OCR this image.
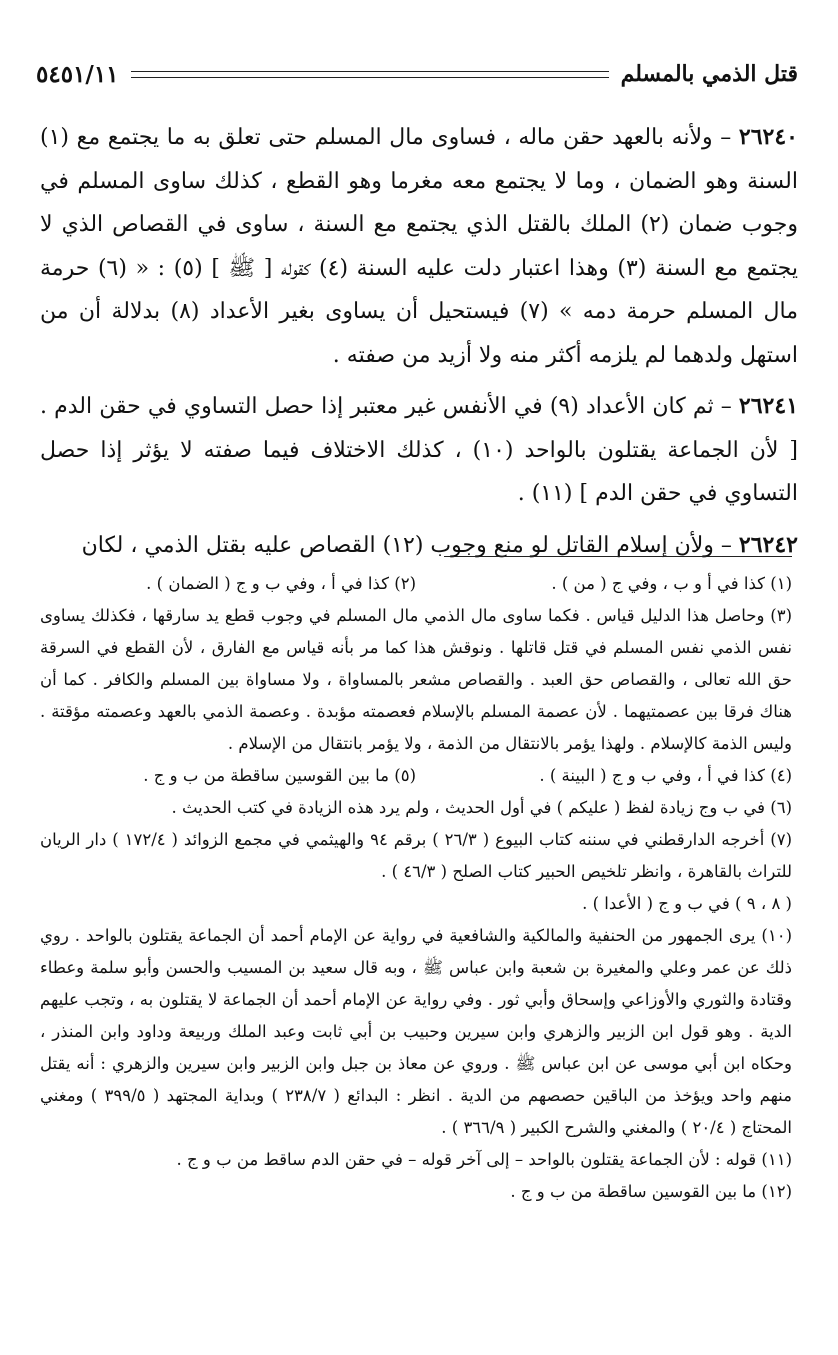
قتل الذمي بالمسلم
٥٤٥١/١١

٢٦٢٤٠ – ولأنه بالعهد حقن ماله ، فساوى مال المسلم حتى تعلق به ما يجتمع مع (١) السنة وهو الضمان ، وما لا يجتمع معه مغرما وهو القطع ، كذلك ساوى المسلم في وجوب ضمان (٢) الملك بالقتل الذي يجتمع مع السنة ، ساوى في القصاص الذي لا يجتمع مع السنة (٣) وهذا اعتبار دلت عليه السنة (٤) كقوله [ ﷺ ] (٥) : « (٦) حرمة مال المسلم حرمة دمه » (٧) فيستحيل أن يساوى بغير الأعداد (٨) بدلالة أن من استهل ولدهما لم يلزمه أكثر منه ولا أزيد من صفته .

٢٦٢٤١ – ثم كان الأعداد (٩) في الأنفس غير معتبر إذا حصل التساوي في حقن الدم . [ لأن الجماعة يقتلون بالواحد (١٠) ، كذلك الاختلاف فيما صفته لا يؤثر إذا حصل التساوي في حقن الدم ] (١١) .

٢٦٢٤٢ – ولأن إسلام القاتل لو منع وجوب (١٢) القصاص عليه بقتل الذمي ، لكان

(١) كذا في أ و ب ، وفي ج ( من ) .

(٢) كذا في أ ، وفي ب و ج ( الضمان ) .

(٣) وحاصل هذا الدليل قياس . فكما ساوى مال الذمي مال المسلم في وجوب قطع يد سارقها ، فكذلك يساوى نفس الذمي نفس المسلم في قتل قاتلها . ونوقش هذا كما مر بأنه قياس مع الفارق ، لأن القطع في السرقة حق الله تعالى ، والقصاص حق العبد . والقصاص مشعر بالمساواة ، ولا مساواة بين المسلم والكافر . كما أن هناك فرقا بين عصمتيهما . لأن عصمة المسلم بالإسلام فعصمته مؤبدة . وعصمة الذمي بالعهد وعصمته مؤقتة . وليس الذمة كالإسلام . ولهذا يؤمر بالانتقال من الذمة ، ولا يؤمر بانتقال من الإسلام .

(٤) كذا في أ ، وفي ب و ج ( البينة ) .

(٥) ما بين القوسين ساقطة من ب و ج .

(٦) في ب وج زيادة لفظ ( عليكم ) في أول الحديث ، ولم يرد هذه الزيادة في كتب الحديث .

(٧) أخرجه الدارقطني في سننه كتاب البيوع ( ٢٦/٣ ) برقم ٩٤ والهيثمي في مجمع الزوائد ( ١٧٢/٤ ) دار الريان للتراث بالقاهرة ، وانظر تلخيص الحبير كتاب الصلح ( ٤٦/٣ ) .

( ٨ ، ٩ ) في ب و ج ( الأعدا ) .

(١٠) يرى الجمهور من الحنفية والمالكية والشافعية في رواية عن الإمام أحمد أن الجماعة يقتلون بالواحد . روي ذلك عن عمر وعلي والمغيرة بن شعبة وابن عباس ﷺ ، وبه قال سعيد بن المسيب والحسن وأبو سلمة وعطاء وقتادة والثوري والأوزاعي وإسحاق وأبي ثور . وفي رواية عن الإمام أحمد أن الجماعة لا يقتلون به ، وتجب عليهم الدية . وهو قول ابن الزبير والزهري وابن سيرين وحبيب بن أبي ثابت وعبد الملك وربيعة وداود وابن المنذر ، وحكاه ابن أبي موسى عن ابن عباس ﷺ . وروي عن معاذ بن جبل وابن الزبير وابن سيرين والزهري : أنه يقتل منهم واحد ويؤخذ من الباقين حصصهم من الدية . انظر : البدائع ( ٢٣٨/٧ ) وبداية المجتهد ( ٣٩٩/٥ ) ومغني المحتاج ( ٢٠/٤ ) والمغني والشرح الكبير ( ٣٦٦/٩ ) .

(١١) قوله : لأن الجماعة يقتلون بالواحد – إلى آخر قوله – في حقن الدم ساقط من ب و ج .

(١٢) ما بين القوسين ساقطة من ب و ج .
